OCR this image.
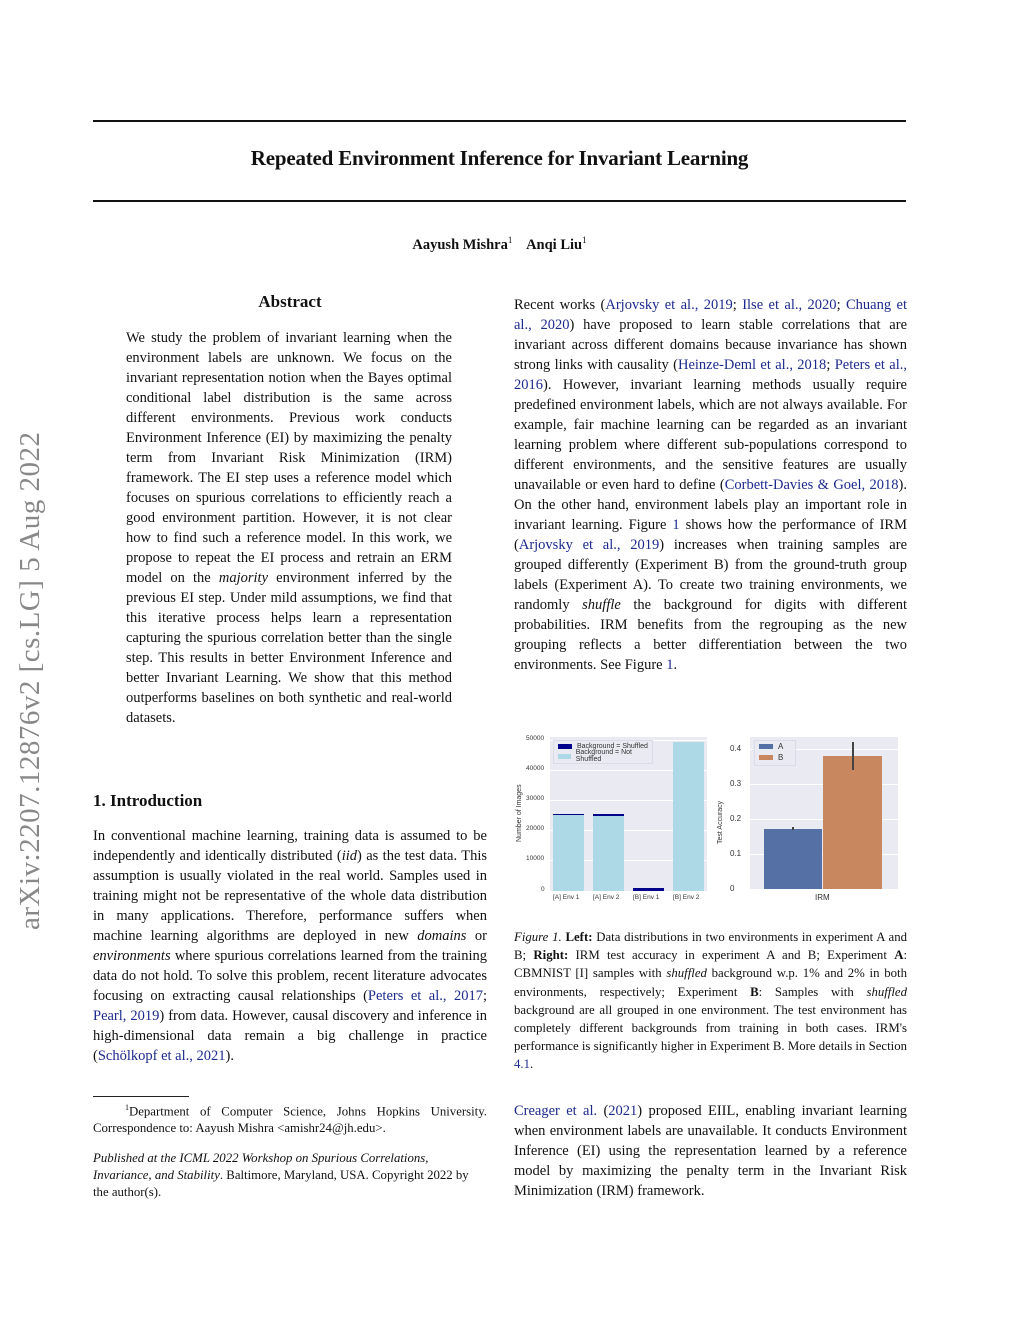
Repeated Environment Inference for Invariant Learning
Aayush Mishra$^1$ Anqi Liu$^1$
arXiv:2207.12876v2 [cs.LG] 5 Aug 2022
Abstract
We study the problem of invariant learning when the environment labels are unknown. We focus on the invariant representation notion when the Bayes optimal conditional label distribution is the same across different environments. Previous work conducts Environment Inference (EI) by maximizing the penalty term from Invariant Risk Minimization (IRM) framework. The EI step uses a reference model which focuses on spurious correlations to efficiently reach a good environment partition. However, it is not clear how to find such a reference model. In this work, we propose to repeat the EI process and retrain an ERM model on the majority environment inferred by the previous EI step. Under mild assumptions, we find that this iterative process helps learn a representation capturing the spurious correlation better than the single step. This results in better Environment Inference and better Invariant Learning. We show that this method outperforms baselines on both synthetic and real-world datasets.
1. Introduction

In conventional machine learning, training data is assumed to be independently and identically distributed (iid) as the test data. This assumption is usually violated in the real world. Samples used in training might not be representative of the whole data distribution in many applications. Therefore, performance suffers when machine learning algorithms are deployed in new domains or environments where spurious correlations learned from the training data do not hold. To solve this problem, recent literature advocates focusing on extracting causal relationships (Peters et al., 2017; Pearl, 2019) from data. However, causal discovery and inference in high-dimensional data remain a big challenge in practice (Schölkopf et al., 2021).

$^1$Department of Computer Science, Johns Hopkins University. Correspondence to: Aayush Mishra <amishr24@jh.edu>.
Published at the ICML 2022 Workshop on Spurious Correlations, Invariance, and Stability. Baltimore, Maryland, USA. Copyright 2022 by the author(s).

Recent works (Arjovsky et al., 2019; Ilse et al., 2020; Chuang et al., 2020) have proposed to learn stable correlations that are invariant across different domains because invariance has shown strong links with causality (Heinze-Deml et al., 2018; Peters et al., 2016). However, invariant learning methods usually require predefined environment labels, which are not always available. For example, fair machine learning can be regarded as an invariant learning problem where different sub-populations correspond to different environments, and the sensitive features are usually unavailable or even hard to define (Corbett-Davies & Goel, 2018). On the other hand, environment labels play an important role in invariant learning. Figure 1 shows how the performance of IRM (Arjovsky et al., 2019) increases when training samples are grouped differently (Experiment B) from the ground-truth group labels (Experiment A). To create two training environments, we randomly shuffle the background for digits with different probabilities. IRM benefits from the regrouping as the new grouping reflects a better differentiation between the two environments. See Figure 1.

Number of Images
50000
40000
30000
20000
10000
0
Background = Shuffled
Background = Not Shuffled
[A] Env 1 [A] Env 2 [B] Env 1 [B] Env 2
Test Accuracy
0.4
0.3
0.2
0.1
0
A
B
IRM
Figure 1. Left: Data distributions in two environments in experiment A and B; Right: IRM test accuracy in experiment A and B; Experiment A: CBMNIST [I] samples with shuffled background w.p. 1% and 2% in both environments, respectively; Experiment B: Samples with shuffled background are all grouped in one environment. The test environment has completely different backgrounds from training in both cases. IRM's performance is significantly higher in Experiment B. More details in Section 4.1.

Creager et al. (2021) proposed EIIL, enabling invariant learning when environment labels are unavailable. It conducts Environment Inference (EI) using the representation learned by a reference model by maximizing the penalty term in the Invariant Risk Minimization (IRM) framework.
